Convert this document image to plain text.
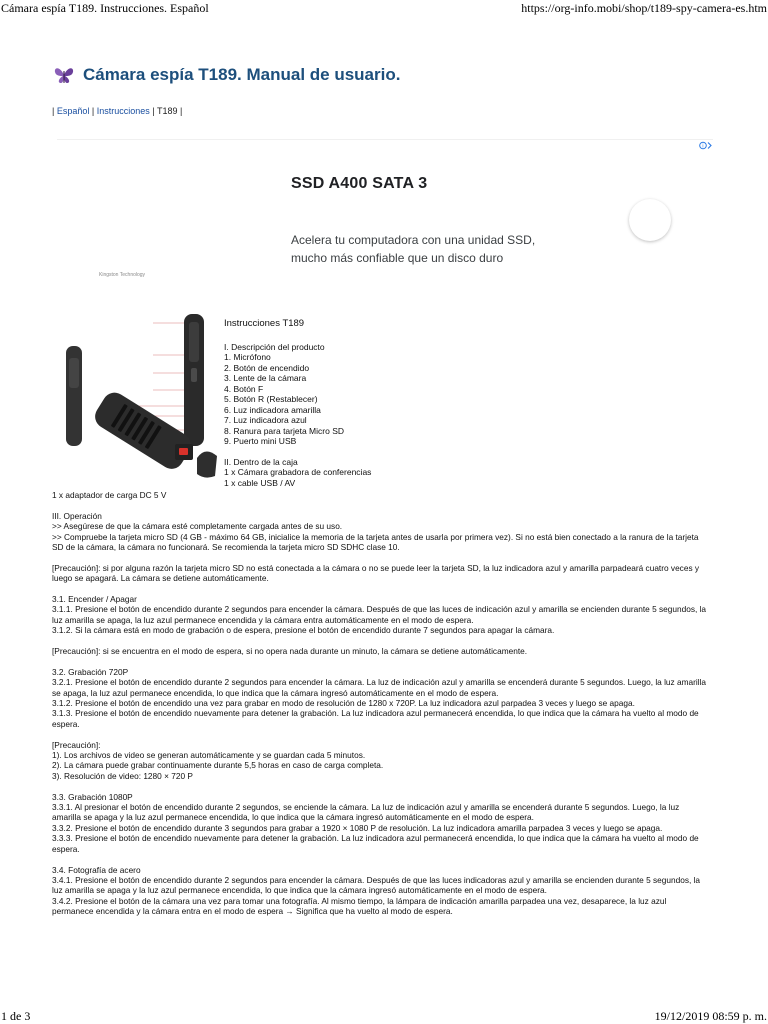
Cámara espía T189. Instrucciones. Español	https://org-info.mobi/shop/t189-spy-camera-es.htm
Cámara espía T189. Manual de usuario.
| Español | Instrucciones | T189 |
i
SSD A400 SATA 3
Acelera tu computadora con una unidad SSD,
mucho más confiable que un disco duro
Kingston Technology
Instrucciones T189
I. Descripción del producto
1. Micrófono
2. Botón de encendido
3. Lente de la cámara
4. Botón F
5. Botón R (Restablecer)
6. Luz indicadora amarilla
7. Luz indicadora azul
8. Ranura para tarjeta Micro SD
9. Puerto mini USB
II. Dentro de la caja
1 x Cámara grabadora de conferencias
1 x cable USB / AV
1 x adaptador de carga DC 5 V
III. Operación
>> Asegúrese de que la cámara esté completamente cargada antes de su uso.
>> Compruebe la tarjeta micro SD (4 GB - máximo 64 GB, inicialice la memoria de la tarjeta antes de usarla por primera vez). Si no está bien conectado a la ranura de la tarjeta SD de la cámara, la cámara no funcionará. Se recomienda la tarjeta micro SD SDHC clase 10.
[Precaución]: si por alguna razón la tarjeta micro SD no está conectada a la cámara o no se puede leer la tarjeta SD, la luz indicadora azul y amarilla parpadeará cuatro veces y luego se apagará. La cámara se detiene automáticamente.
3.1. Encender / Apagar
3.1.1. Presione el botón de encendido durante 2 segundos para encender la cámara. Después de que las luces de indicación azul y amarilla se encienden durante 5 segundos, la luz amarilla se apaga, la luz azul permanece encendida y la cámara entra automáticamente en el modo de espera.
3.1.2. Si la cámara está en modo de grabación o de espera, presione el botón de encendido durante 7 segundos para apagar la cámara.
[Precaución]: si se encuentra en el modo de espera, si no opera nada durante un minuto, la cámara se detiene automáticamente.
3.2. Grabación 720P
3.2.1. Presione el botón de encendido durante 2 segundos para encender la cámara. La luz de indicación azul y amarilla se encenderá durante 5 segundos. Luego, la luz amarilla se apaga, la luz azul permanece encendida, lo que indica que la cámara ingresó automáticamente en el modo de espera.
3.1.2. Presione el botón de encendido una vez para grabar en modo de resolución de 1280 x 720P. La luz indicadora azul parpadea 3 veces y luego se apaga.
3.1.3. Presione el botón de encendido nuevamente para detener la grabación. La luz indicadora azul permanecerá encendida, lo que indica que la cámara ha vuelto al modo de espera.
[Precaución]:
1). Los archivos de video se generan automáticamente y se guardan cada 5 minutos.
2). La cámara puede grabar continuamente durante 5,5 horas en caso de carga completa.
3). Resolución de video: 1280 × 720 P
3.3. Grabación 1080P
3.3.1. Al presionar el botón de encendido durante 2 segundos, se enciende la cámara. La luz de indicación azul y amarilla se encenderá durante 5 segundos. Luego, la luz amarilla se apaga y la luz azul permanece encendida, lo que indica que la cámara ingresó automáticamente en el modo de espera.
3.3.2. Presione el botón de encendido durante 3 segundos para grabar a 1920 × 1080 P de resolución. La luz indicadora amarilla parpadea 3 veces y luego se apaga.
3.3.3. Presione el botón de encendido nuevamente para detener la grabación. La luz indicadora azul permanecerá encendida, lo que indica que la cámara ha vuelto al modo de espera.
3.4. Fotografía de acero
3.4.1. Presione el botón de encendido durante 2 segundos para encender la cámara. Después de que las luces indicadoras azul y amarilla se encienden durante 5 segundos, la luz amarilla se apaga y la luz azul permanece encendida, lo que indica que la cámara ingresó automáticamente en el modo de espera.
3.4.2. Presione el botón de la cámara una vez para tomar una fotografía. Al mismo tiempo, la lámpara de indicación amarilla parpadea una vez, desaparece, la luz azul permanece encendida y la cámara entra en el modo de espera → Significa que ha vuelto al modo de espera.
1 de 3	19/12/2019 08:59 p. m.
